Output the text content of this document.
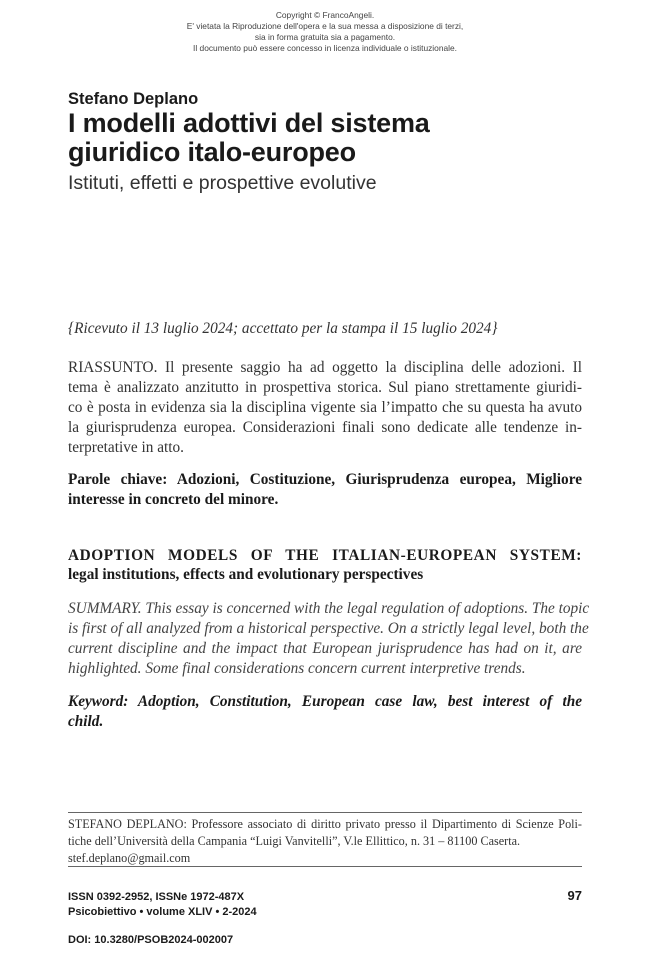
Copyright © FrancoAngeli.
E' vietata la Riproduzione dell'opera e la sua messa a disposizione di terzi,
sia in forma gratuita sia a pagamento.
Il documento può essere concesso in licenza individuale o istituzionale.
Stefano Deplano
I modelli adottivi del sistema
giuridico italo-europeo
Istituti, effetti e prospettive evolutive
{Ricevuto il 13 luglio 2024; accettato per la stampa il 15 luglio 2024}
RIASSUNTO. Il presente saggio ha ad oggetto la disciplina delle adozioni. Il
tema è analizzato anzitutto in prospettiva storica. Sul piano strettamente giuridi-
co è posta in evidenza sia la disciplina vigente sia l’impatto che su questa ha avuto
la giurisprudenza europea. Considerazioni finali sono dedicate alle tendenze in-
terpretative in atto.
Parole chiave: Adozioni, Costituzione, Giurisprudenza europea, Migliore
interesse in concreto del minore.
ADOPTION MODELS OF THE ITALIAN-EUROPEAN SYSTEM:
legal institutions, effects and evolutionary perspectives
SUMMARY. This essay is concerned with the legal regulation of adoptions. The topic
is first of all analyzed from a historical perspective. On a strictly legal level, both the
current discipline and the impact that European jurisprudence has had on it, are
highlighted. Some final considerations concern current interpretive trends.
Keyword: Adoption, Constitution, European case law, best interest of the
child.
STEFANO DEPLANO: Professore associato di diritto privato presso il Dipartimento di Scienze Poli-
tiche dell’Università della Campania “Luigi Vanvitelli”, V.le Ellittico, n. 31 – 81100 Caserta.
stef.deplano@gmail.com
ISSN 0392-2952, ISSNe 1972-487X
Psicobiettivo • volume XLIV • 2-2024
DOI: 10.3280/PSOB2024-002007
97
